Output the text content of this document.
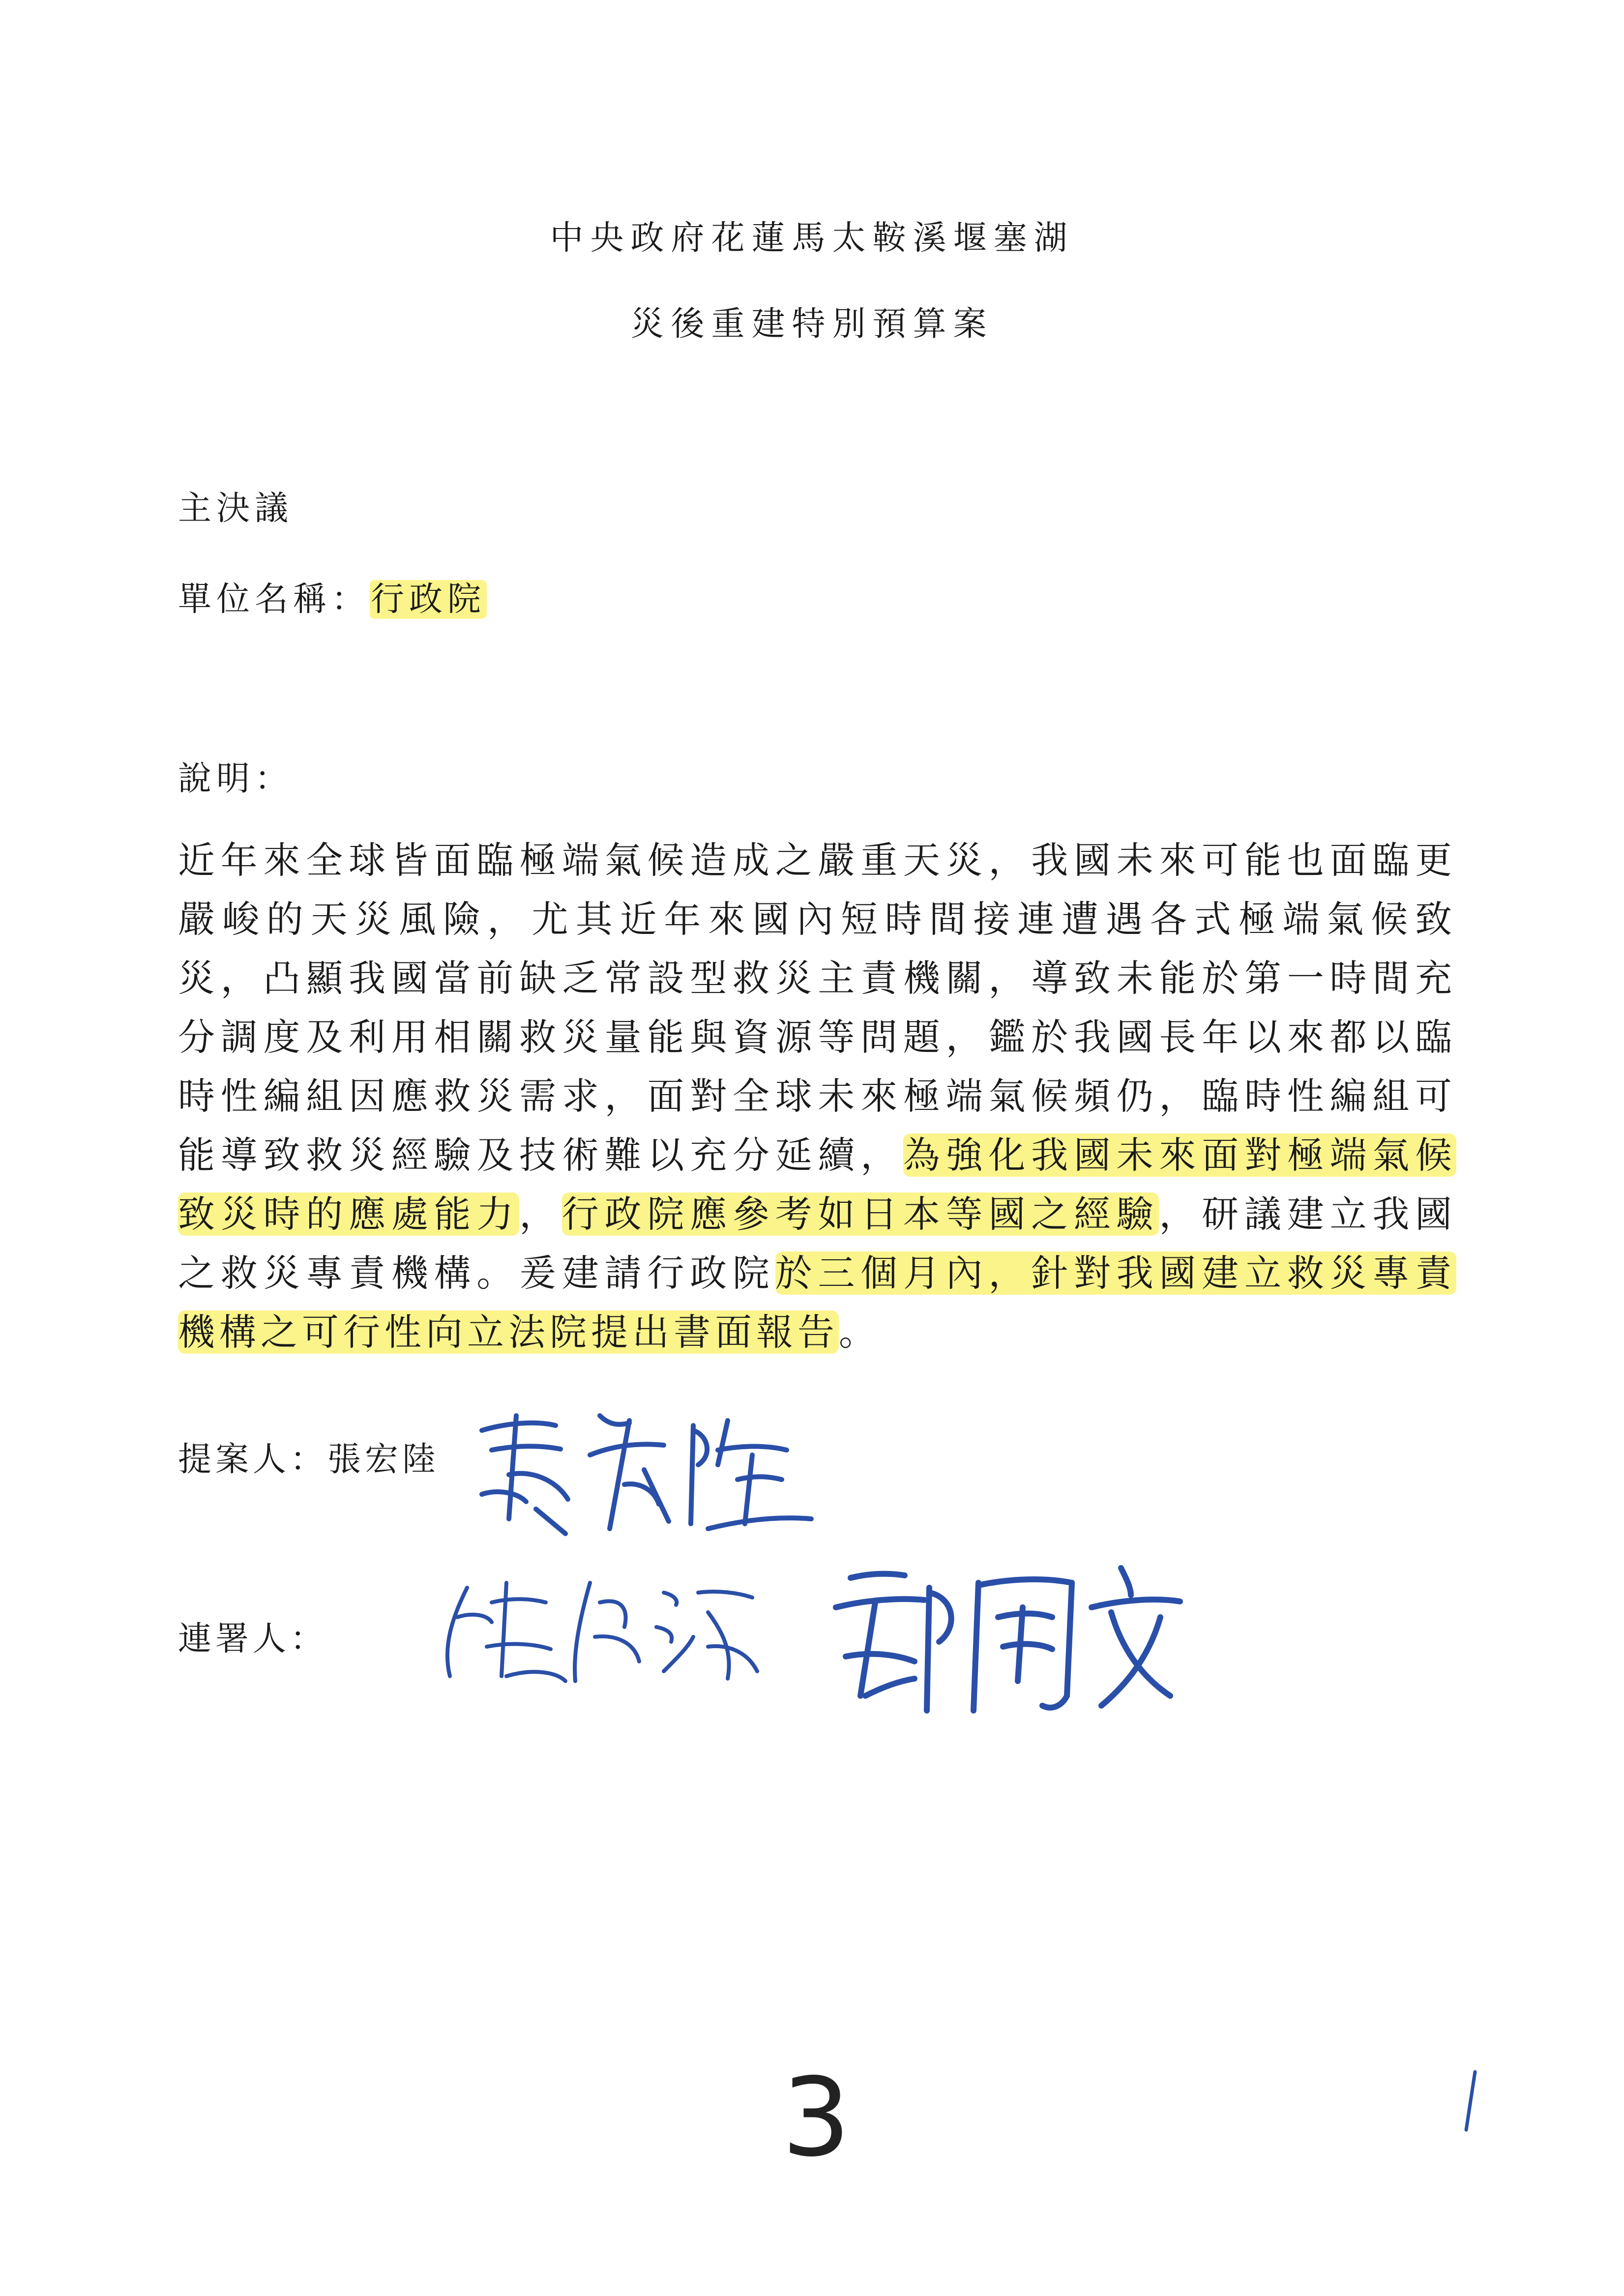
中央政府花蓮馬太鞍溪堰塞湖
災後重建特別預算案
主決議
單位名稱：行政院
說明：
近年來全球皆面臨極端氣候造成之嚴重天災，我國未來可能也面臨更嚴峻的天災風險，尤其近年來國內短時間接連遭遇各式極端氣候致災，凸顯我國當前缺乏常設型救災主責機關，導致未能於第一時間充分調度及利用相關救災量能與資源等問題，鑑於我國長年以來都以臨時性編組因應救災需求，面對全球未來極端氣候頻仍，臨時性編組可能導致救災經驗及技術難以充分延續，為強化我國未來面對極端氣候致災時的應處能力，行政院應參考如日本等國之經驗，研議建立我國之救災專責機構。爰建請行政院於三個月內，針對我國建立救災專責機構之可行性向立法院提出書面報告。
提案人：張宏陸
連署人：
3
